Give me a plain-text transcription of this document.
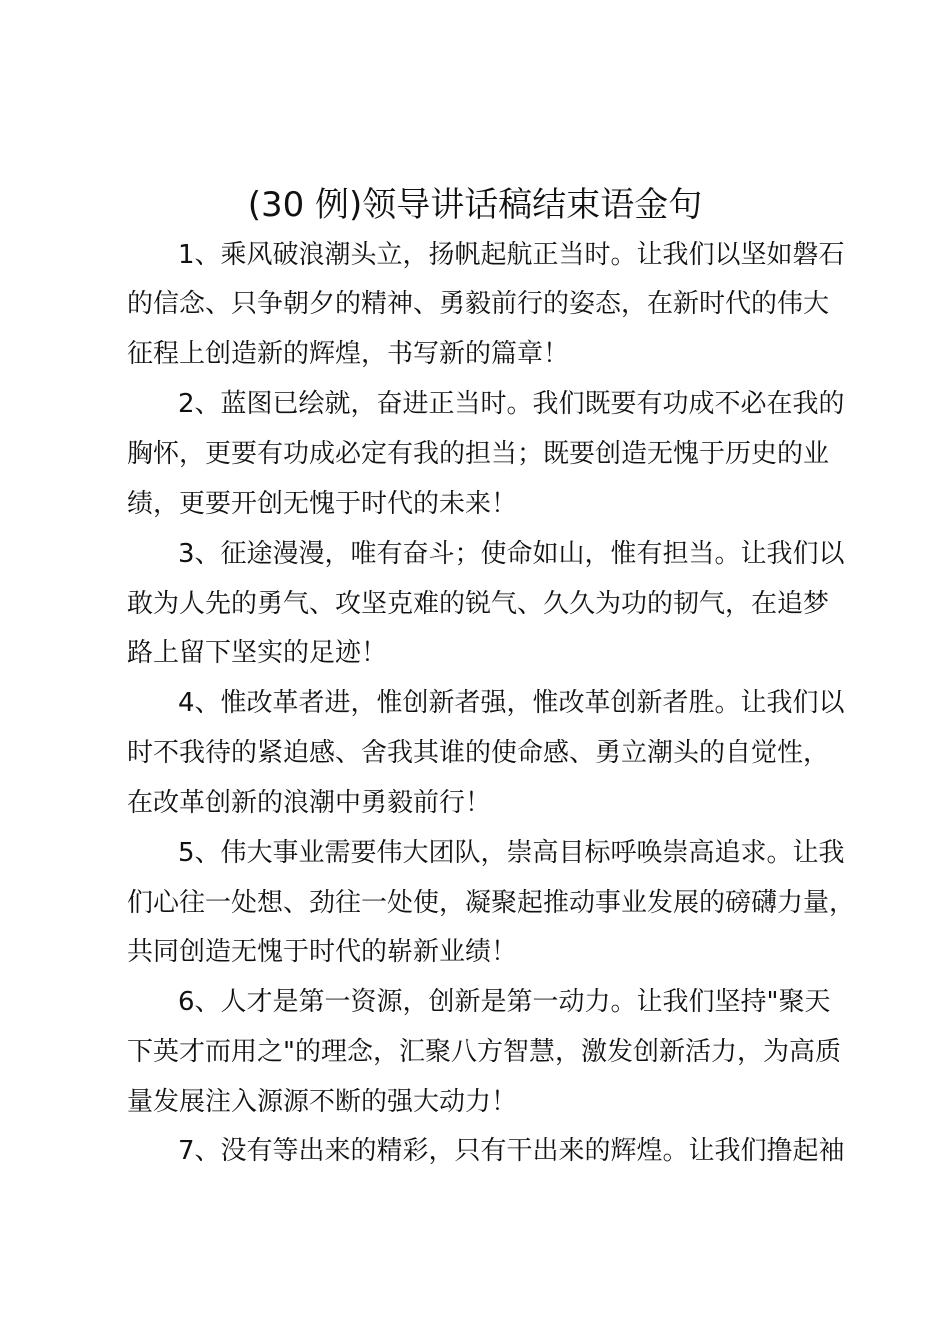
(30 例)领导讲话稿结束语金句
1、乘风破浪潮头立，扬帆起航正当时。让我们以坚如磐石
的信念、只争朝夕的精神、勇毅前行的姿态，在新时代的伟大
征程上创造新的辉煌，书写新的篇章！
2、蓝图已绘就，奋进正当时。我们既要有功成不必在我的
胸怀，更要有功成必定有我的担当；既要创造无愧于历史的业
绩，更要开创无愧于时代的未来！
3、征途漫漫，唯有奋斗；使命如山，惟有担当。让我们以
敢为人先的勇气、攻坚克难的锐气、久久为功的韧气，在追梦
路上留下坚实的足迹！
4、惟改革者进，惟创新者强，惟改革创新者胜。让我们以
时不我待的紧迫感、舍我其谁的使命感、勇立潮头的自觉性，
在改革创新的浪潮中勇毅前行！
5、伟大事业需要伟大团队，崇高目标呼唤崇高追求。让我
们心往一处想、劲往一处使，凝聚起推动事业发展的磅礴力量，
共同创造无愧于时代的崭新业绩！
6、人才是第一资源，创新是第一动力。让我们坚持"聚天
下英才而用之"的理念，汇聚八方智慧，激发创新活力，为高质
量发展注入源源不断的强大动力！
7、没有等出来的精彩，只有干出来的辉煌。让我们撸起袖
